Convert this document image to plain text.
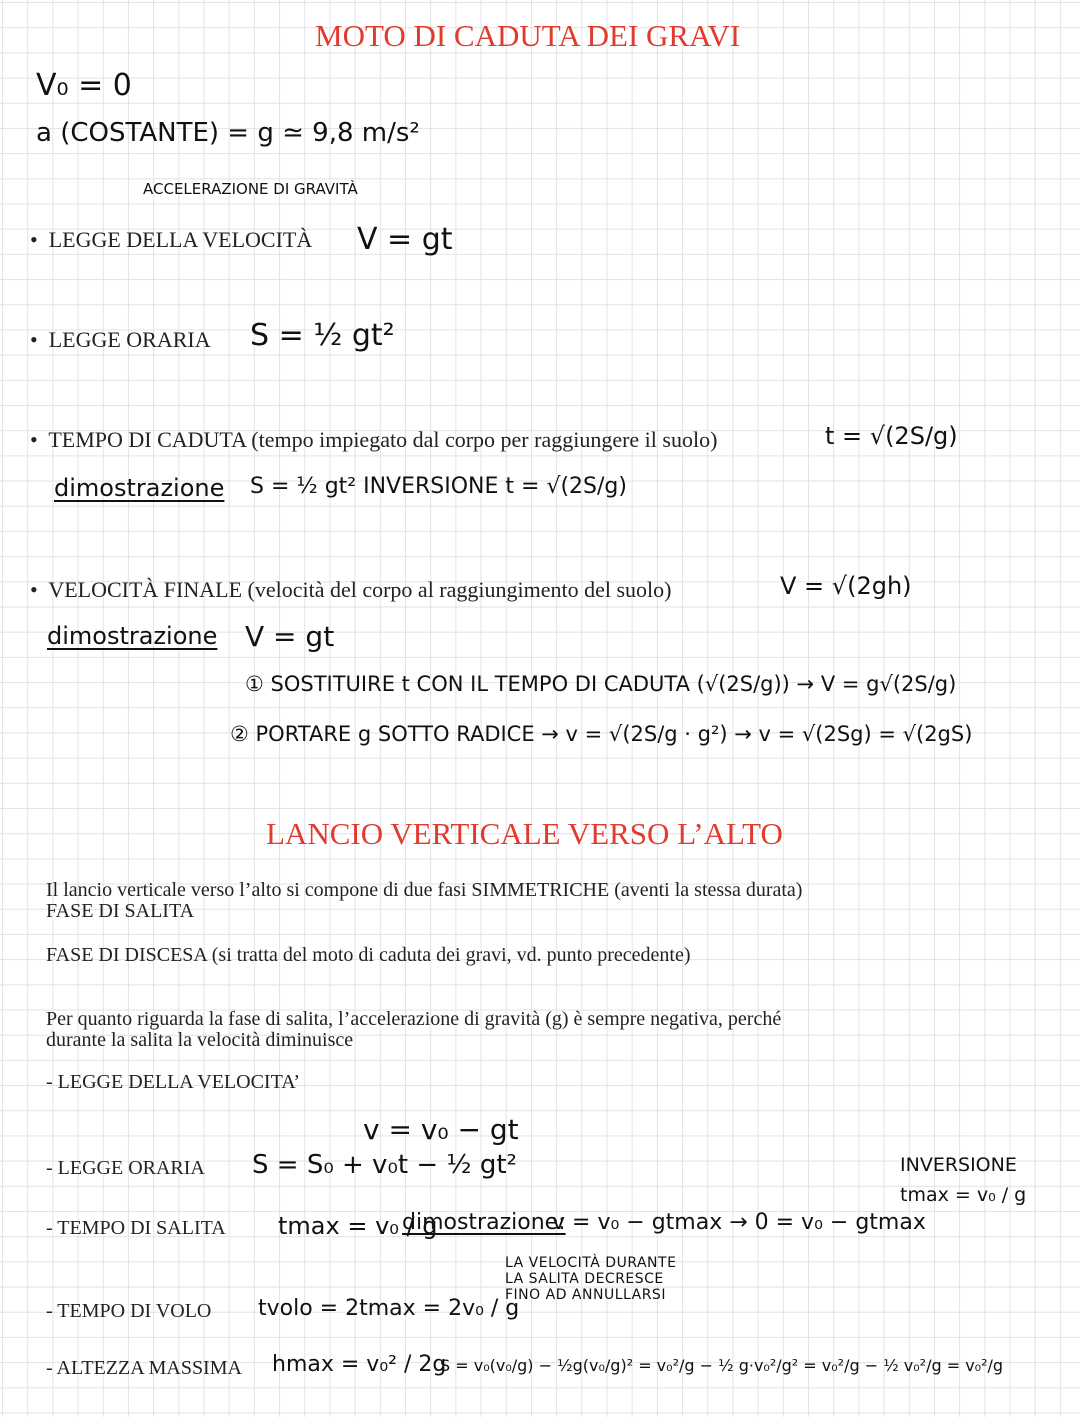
MOTO DI CADUTA DEI GRAVI
V₀ = 0
a (COSTANTE) = g ≃ 9,8 m/s²
ACCELERAZIONE DI GRAVITÀ
• LEGGE DELLA VELOCITÀ V = gt
• LEGGE ORARIA S = ½ gt²
• TEMPO DI CADUTA (tempo impiegato dal corpo per raggiungere il suolo)	t = √(2S/g)
dimostrazione S = ½ gt² INVERSIONE t = √(2S/g)
• VELOCITÀ FINALE (velocità del corpo al raggiungimento del suolo)	V = √(2gh)
dimostrazione V = gt
① SOSTITUIRE t CON IL TEMPO DI CADUTA (√(2S/g)) → V = g√(2S/g)
② PORTARE g SOTTO RADICE → v = √(2S/g · g²) → v = √(2Sg) = √(2gS)
LANCIO VERTICALE VERSO L’ALTO
Il lancio verticale verso l’alto si compone di due fasi SIMMETRICHE (aventi la stessa durata)
FASE DI SALITA
FASE DI DISCESA (si tratta del moto di caduta dei gravi, vd. punto precedente)
Per quanto riguarda la fase di salita, l’accelerazione di gravità (g) è sempre negativa, perché
durante la salita la velocità diminuisce
- LEGGE DELLA VELOCITA’
v = v₀ − gt
- LEGGE ORARIA S = S₀ + v₀t − ½ gt²	INVERSIONE
tmax = v₀ / g
- TEMPO DI SALITA tmax = v₀ / g
dimostrazione:
v = v₀ − gtmax → 0 = v₀ − gtmax
LA VELOCITÀ DURANTE
LA SALITA DECRESCE
FINO AD ANNULLARSI
- TEMPO DI VOLO tvolo = 2tmax = 2v₀ / g
- ALTEZZA MASSIMA hmax = v₀² / 2g
S = v₀(v₀/g) − ½g(v₀/g)² = v₀²/g − ½ g·v₀²/g² = v₀²/g − ½ v₀²/g = v₀²/g
